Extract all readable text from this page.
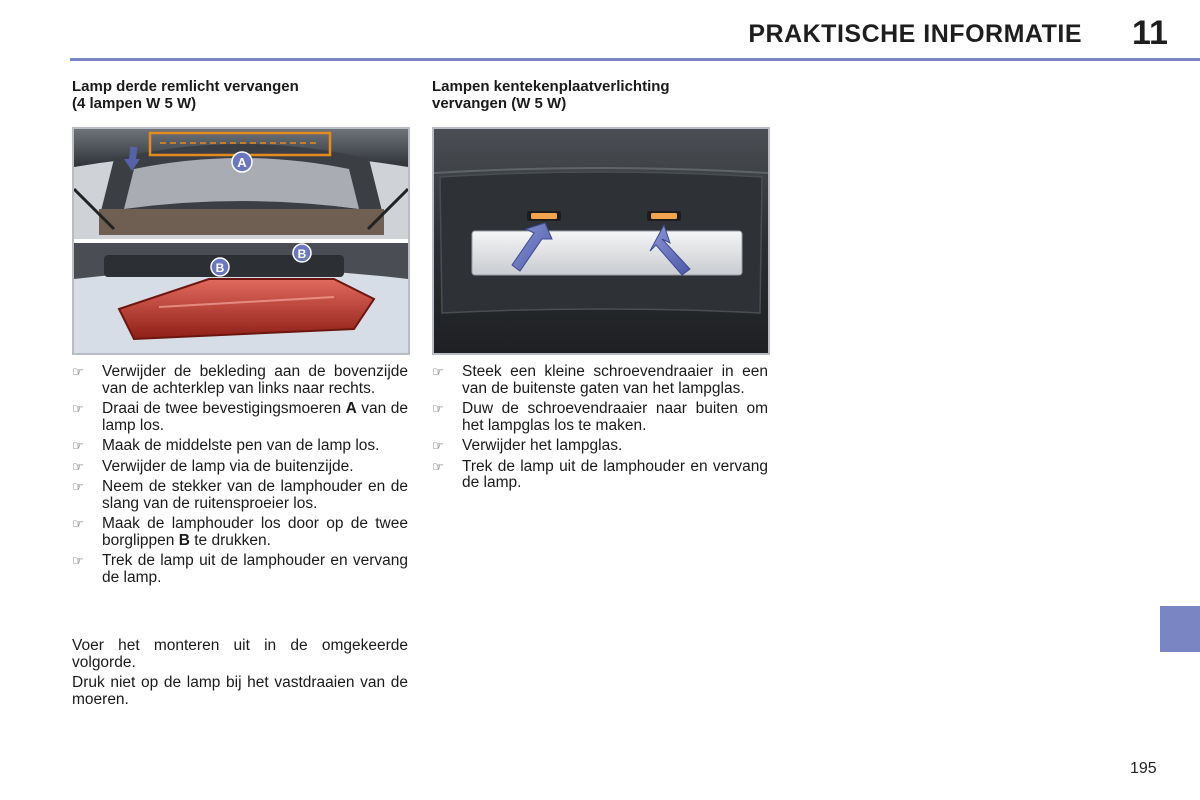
PRAKTISCHE INFORMATIE	11
Lamp derde remlicht vervangen
(4 lampen W 5 W)
A
B
B
☞ Verwijder de bekleding aan de bovenzijde van de achterklep van links naar rechts.
☞ Draai de twee bevestigingsmoeren A van de lamp los.
☞ Maak de middelste pen van de lamp los.
☞ Verwijder de lamp via de buitenzijde.
☞ Neem de stekker van de lamphouder en de slang van de ruitensproeier los.
☞ Maak de lamphouder los door op de twee borglippen B te drukken.
☞ Trek de lamp uit de lamphouder en vervang de lamp.

Voer het monteren uit in de omgekeerde volgorde.

Druk niet op de lamp bij het vastdraaien van de moeren.

Lampen kentekenplaatverlichting
vervangen (W 5 W)
☞ Steek een kleine schroevendraaier in een van de buitenste gaten van het lampglas.
☞ Duw de schroevendraaier naar buiten om het lampglas los te maken.
☞ Verwijder het lampglas.
☞ Trek de lamp uit de lamphouder en vervang de lamp.
195
